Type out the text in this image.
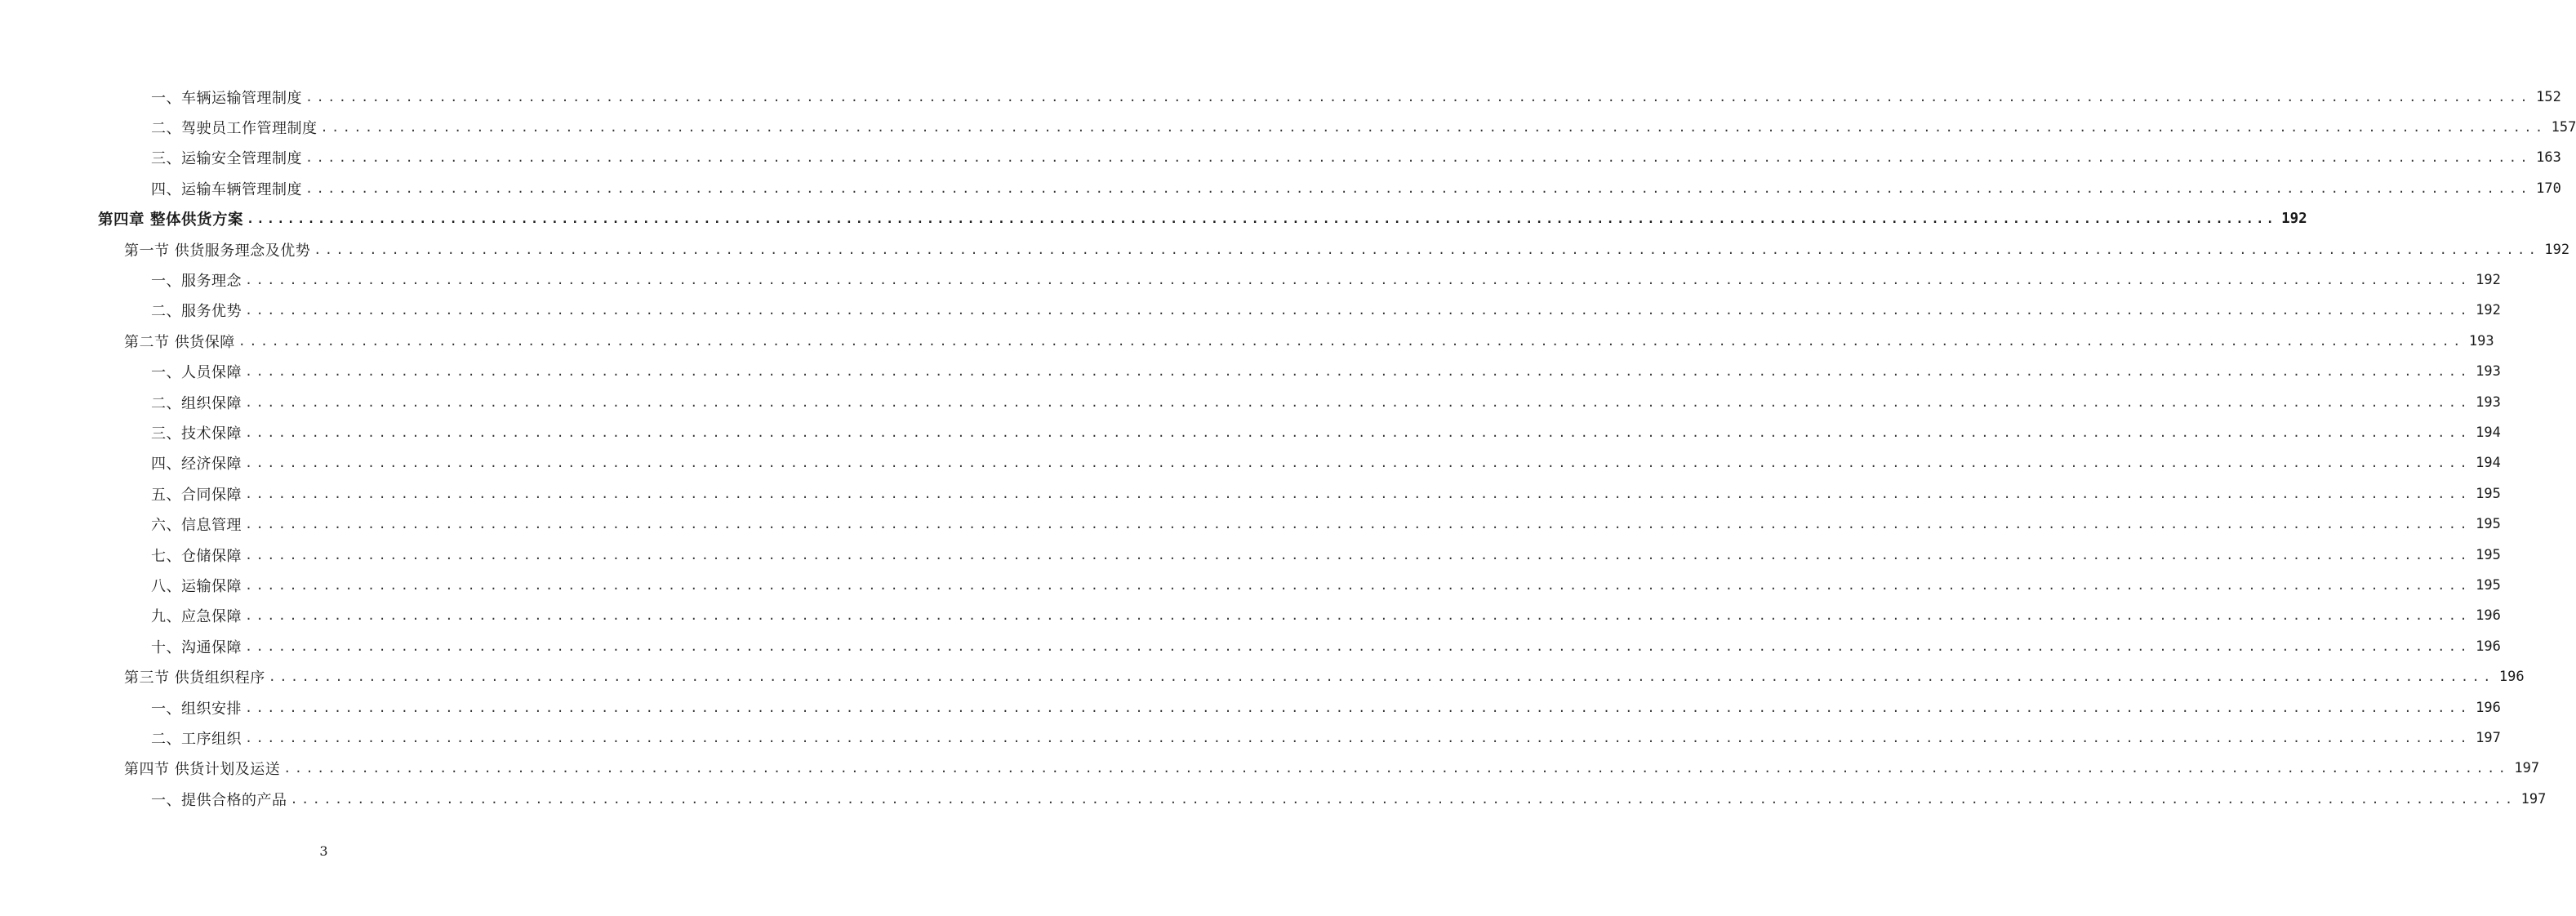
一、车辆运输管理制度 ........................................................................................................................................................................................................ 152
二、驾驶员工作管理制度 ........................................................................................................................................................................................................ 157
三、运输安全管理制度 ........................................................................................................................................................................................................ 163
四、运输车辆管理制度 ........................................................................................................................................................................................................ 170
第四章 整体供货方案 ........................................................................................................................................................................................................ 192
第一节 供货服务理念及优势 ........................................................................................................................................................................................................ 192
一、服务理念 ........................................................................................................................................................................................................ 192
二、服务优势 ........................................................................................................................................................................................................ 192
第二节 供货保障 ........................................................................................................................................................................................................ 193
一、人员保障 ........................................................................................................................................................................................................ 193
二、组织保障 ........................................................................................................................................................................................................ 193
三、技术保障 ........................................................................................................................................................................................................ 194
四、经济保障 ........................................................................................................................................................................................................ 194
五、合同保障 ........................................................................................................................................................................................................ 195
六、信息管理 ........................................................................................................................................................................................................ 195
七、仓储保障 ........................................................................................................................................................................................................ 195
八、运输保障 ........................................................................................................................................................................................................ 195
九、应急保障 ........................................................................................................................................................................................................ 196
十、沟通保障 ........................................................................................................................................................................................................ 196
第三节 供货组织程序 ........................................................................................................................................................................................................ 196
一、组织安排 ........................................................................................................................................................................................................ 196
二、工序组织 ........................................................................................................................................................................................................ 197
第四节 供货计划及运送 ........................................................................................................................................................................................................ 197
一、提供合格的产品 ........................................................................................................................................................................................................ 197
3
